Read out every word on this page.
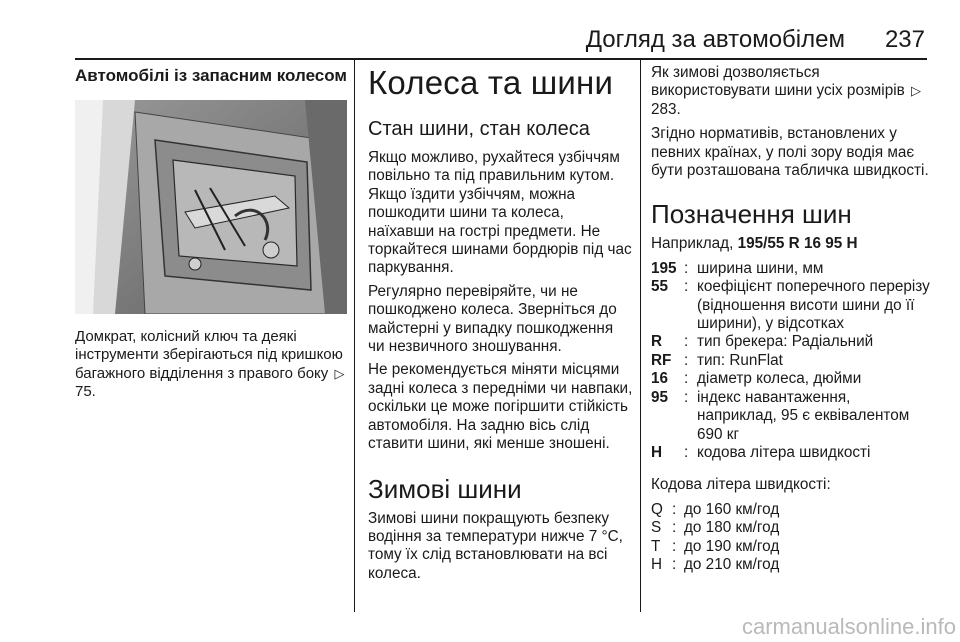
Догляд за автомобілем 237
Автомобілі із запасним колесом
Домкрат, колісний ключ та деякі інструменти зберігаються під кришкою багажного відділення з правого боку ▷75.
Колеса та шини
Стан шини, стан колеса
Якщо можливо, рухайтеся узбіччям повільно та під правильним кутом. Якщо їздити узбіччям, можна пошкодити шини та колеса, наїхавши на гострі предмети. Не торкайтеся шинами бордюрів під час паркування.
Регулярно перевіряйте, чи не пошкоджено колеса. Зверніться до майстерні у випадку пошкодження чи незвичного зношування.
Не рекомендується міняти місцями задні колеса з передніми чи навпаки, оскільки це може погіршити стійкість автомобіля. На задню вісь слід ставити шини, які менше зношені.
Зимові шини
Зимові шини покращують безпеку водіння за температури нижче 7 °C, тому їх слід встановлювати на всі колеса.
Як зимові дозволяється використовувати шини усіх розмірів ▷283.
Згідно нормативів, встановлених у певних країнах, у полі зору водія має бути розташована табличка швидкості.
Позначення шин
Наприклад, 195/55 R 16 95 H
195 : ширина шини, мм
55	: коефіцієнт поперечного перерізу (відношення висоти шини до її ширини), у відсотках
R	: тип брекера: Радіальний
RF : тип: RunFlat
16	: діаметр колеса, дюйми
95	: індекс навантаження, наприклад, 95 є еквівалентом 690 кг
H	: кодова літера швидкості
Кодова літера швидкості:
Q : до 160 км/год
S : до 180 км/год
T : до 190 км/год
H : до 210 км/год
carmanualsonline.info
